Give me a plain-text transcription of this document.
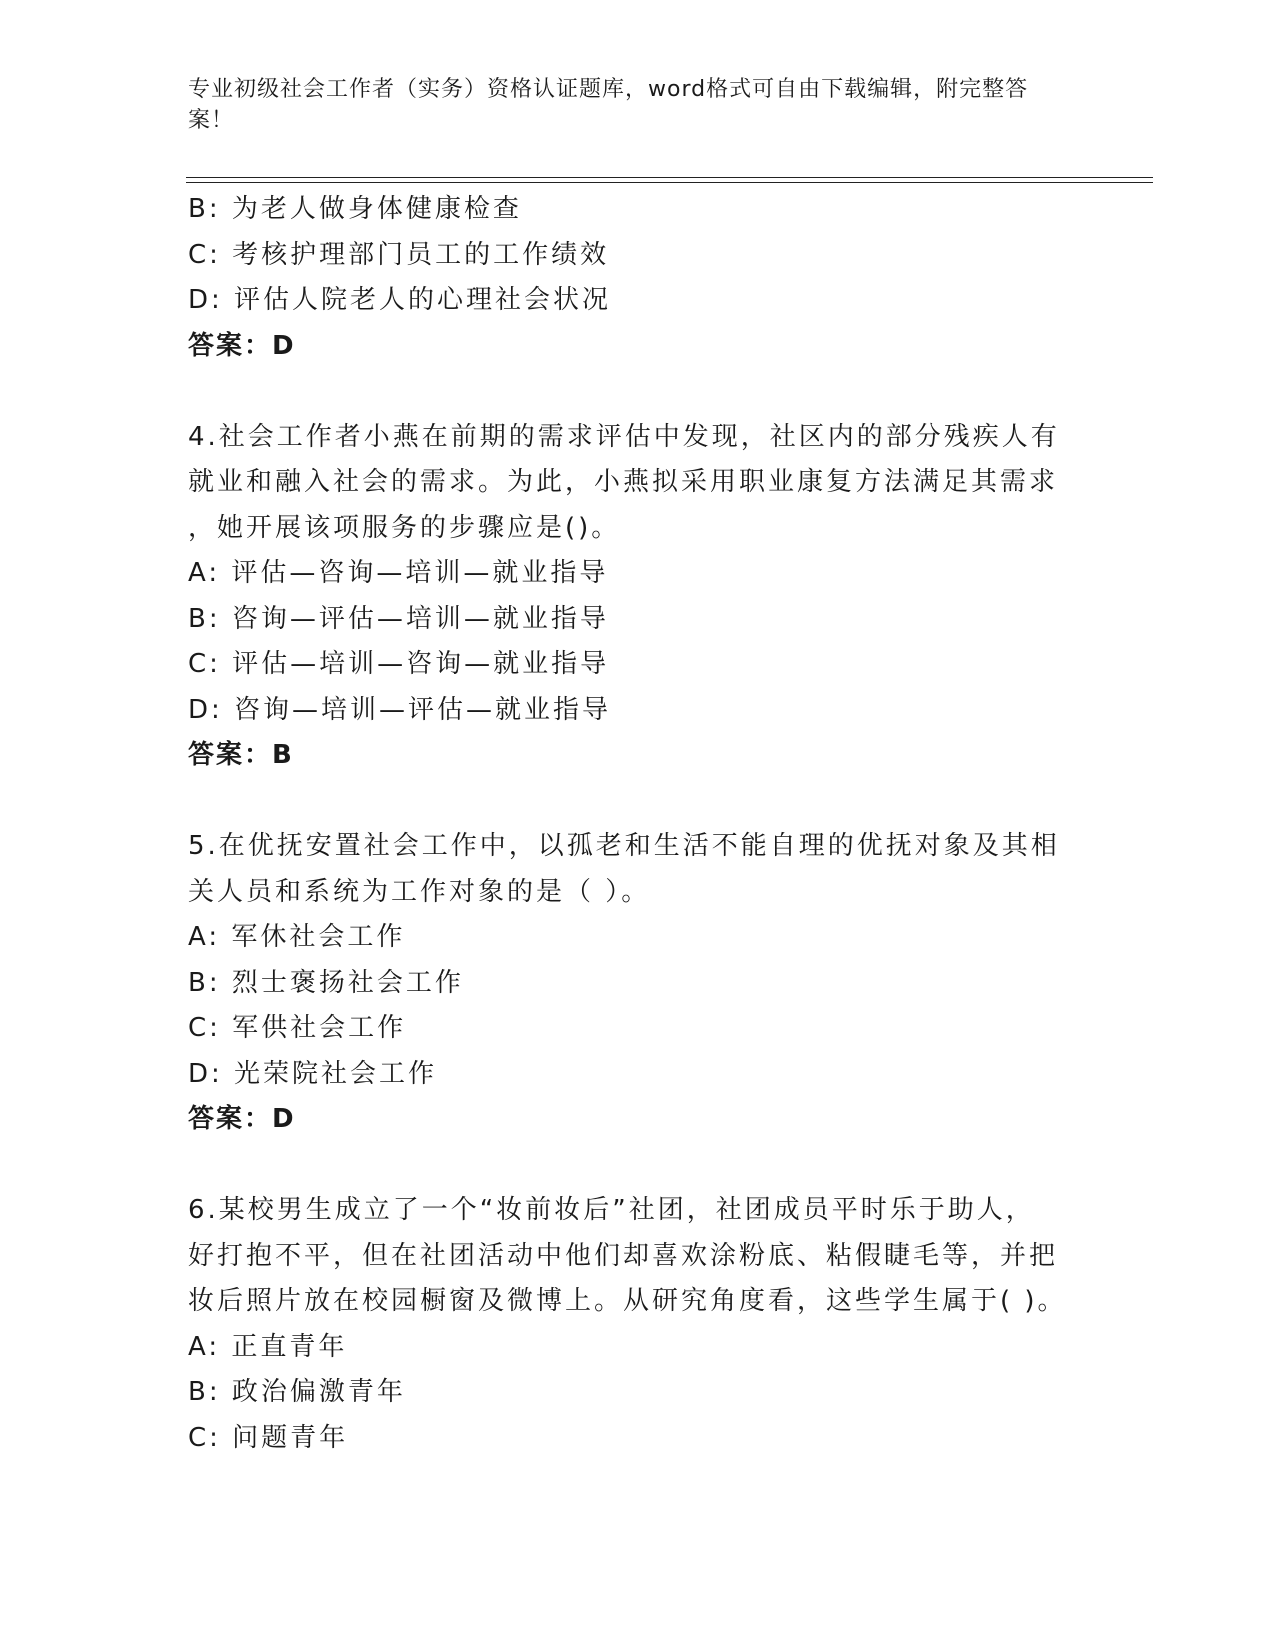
专业初级社会工作者（实务）资格认证题库，word格式可自由下载编辑，附完整答案！
B: 为老人做身体健康检查
C: 考核护理部门员工的工作绩效
D: 评估人院老人的心理社会状况
答案：D
4.社会工作者小燕在前期的需求评估中发现，社区内的部分残疾人有
就业和融入社会的需求。为此，小燕拟采用职业康复方法满足其需求
，她开展该项服务的步骤应是()。
A: 评估—咨询—培训—就业指导
B: 咨询—评估—培训—就业指导
C: 评估—培训—咨询—就业指导
D: 咨询—培训—评估—就业指导
答案：B
5.在优抚安置社会工作中，以孤老和生活不能自理的优抚对象及其相
关人员和系统为工作对象的是（ ）。
A: 军休社会工作
B: 烈士褒扬社会工作
C: 军供社会工作
D: 光荣院社会工作
答案：D
6.某校男生成立了一个“妆前妆后”社团，社团成员平时乐于助人，
好打抱不平，但在社团活动中他们却喜欢涂粉底、粘假睫毛等，并把
妆后照片放在校园橱窗及微博上。从研究角度看，这些学生属于( )。
A: 正直青年
B: 政治偏激青年
C: 问题青年
